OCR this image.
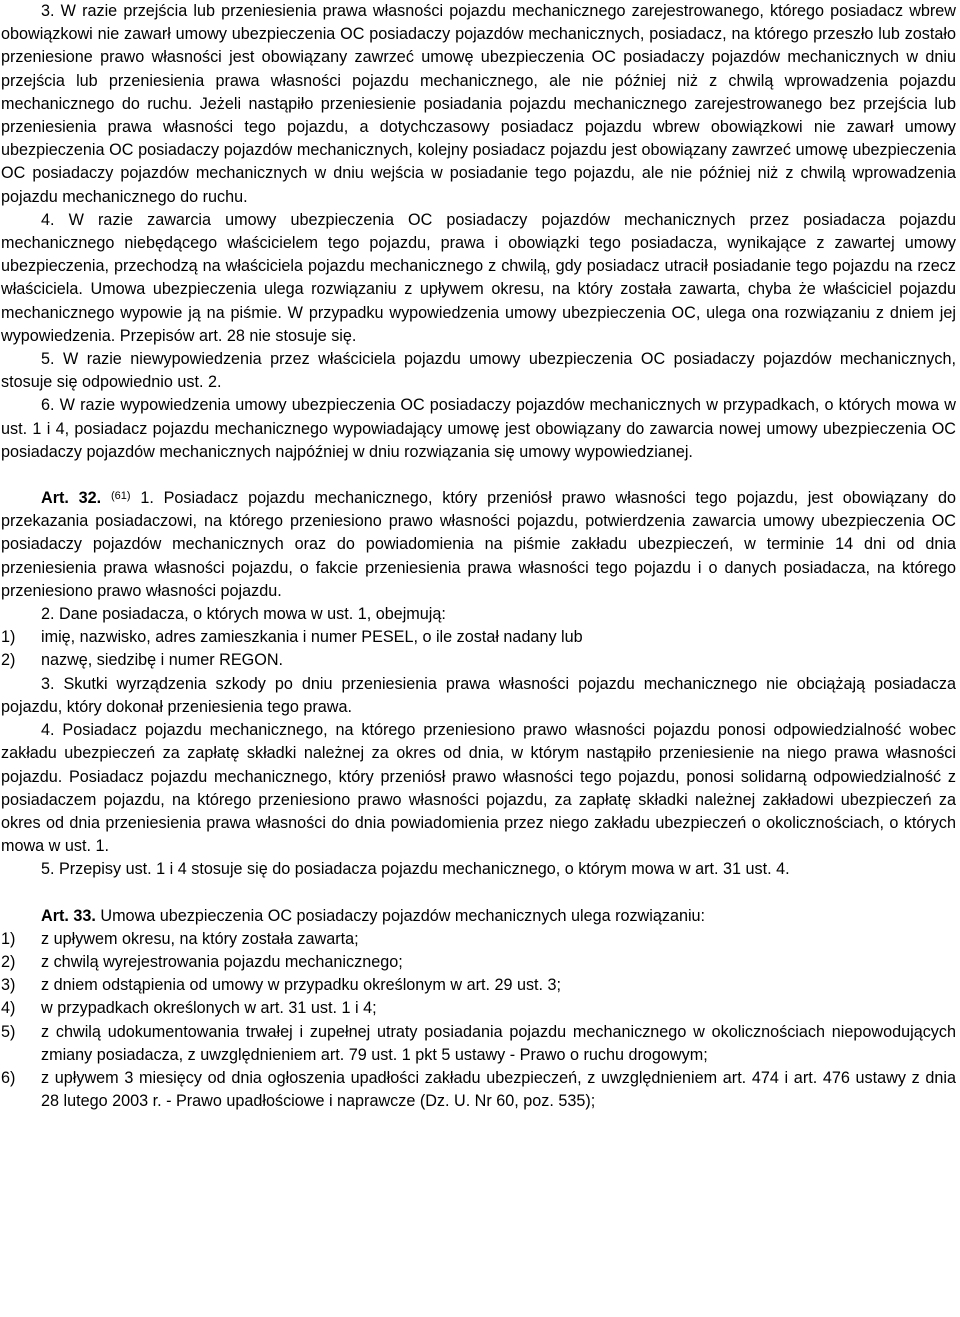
3. W razie przejścia lub przeniesienia prawa własności pojazdu mechanicznego zarejestrowanego, którego posiadacz wbrew obowiązkowi nie zawarł umowy ubezpieczenia OC posiadaczy pojazdów mechanicznych, posiadacz, na którego przeszło lub zostało przeniesione prawo własności jest obowiązany zawrzeć umowę ubezpieczenia OC posiadaczy pojazdów mechanicznych w dniu przejścia lub przeniesienia prawa własności pojazdu mechanicznego, ale nie później niż z chwilą wprowadzenia pojazdu mechanicznego do ruchu. Jeżeli nastąpiło przeniesienie posiadania pojazdu mechanicznego zarejestrowanego bez przejścia lub przeniesienia prawa własności tego pojazdu, a dotychczasowy posiadacz pojazdu wbrew obowiązkowi nie zawarł umowy ubezpieczenia OC posiadaczy pojazdów mechanicznych, kolejny posiadacz pojazdu jest obowiązany zawrzeć umowę ubezpieczenia OC posiadaczy pojazdów mechanicznych w dniu wejścia w posiadanie tego pojazdu, ale nie później niż z chwilą wprowadzenia pojazdu mechanicznego do ruchu.

4. W razie zawarcia umowy ubezpieczenia OC posiadaczy pojazdów mechanicznych przez posiadacza pojazdu mechanicznego niebędącego właścicielem tego pojazdu, prawa i obowiązki tego posiadacza, wynikające z zawartej umowy ubezpieczenia, przechodzą na właściciela pojazdu mechanicznego z chwilą, gdy posiadacz utracił posiadanie tego pojazdu na rzecz właściciela. Umowa ubezpieczenia ulega rozwiązaniu z upływem okresu, na który została zawarta, chyba że właściciel pojazdu mechanicznego wypowie ją na piśmie. W przypadku wypowiedzenia umowy ubezpieczenia OC, ulega ona rozwiązaniu z dniem jej wypowiedzenia. Przepisów art. 28 nie stosuje się.

5. W razie niewypowiedzenia przez właściciela pojazdu umowy ubezpieczenia OC posiadaczy pojazdów mechanicznych, stosuje się odpowiednio ust. 2.

6. W razie wypowiedzenia umowy ubezpieczenia OC posiadaczy pojazdów mechanicznych w przypadkach, o których mowa w ust. 1 i 4, posiadacz pojazdu mechanicznego wypowiadający umowę jest obowiązany do zawarcia nowej umowy ubezpieczenia OC posiadaczy pojazdów mechanicznych najpóźniej w dniu rozwiązania się umowy wypowiedzianej.

Art. 32. $^{(61)}$ 1. Posiadacz pojazdu mechanicznego, który przeniósł prawo własności tego pojazdu, jest obowiązany do przekazania posiadaczowi, na którego przeniesiono prawo własności pojazdu, potwierdzenia zawarcia umowy ubezpieczenia OC posiadaczy pojazdów mechanicznych oraz do powiadomienia na piśmie zakładu ubezpieczeń, w terminie 14 dni od dnia przeniesienia prawa własności pojazdu, o fakcie przeniesienia prawa własności tego pojazdu i o danych posiadacza, na którego przeniesiono prawo własności pojazdu.

2. Dane posiadacza, o których mowa w ust. 1, obejmują:

1)	imię, nazwisko, adres zamieszkania i numer PESEL, o ile został nadany lub
2)	nazwę, siedzibę i numer REGON.

3. Skutki wyrządzenia szkody po dniu przeniesienia prawa własności pojazdu mechanicznego nie obciążają posiadacza pojazdu, który dokonał przeniesienia tego prawa.

4. Posiadacz pojazdu mechanicznego, na którego przeniesiono prawo własności pojazdu ponosi odpowiedzialność wobec zakładu ubezpieczeń za zapłatę składki należnej za okres od dnia, w którym nastąpiło przeniesienie na niego prawa własności pojazdu. Posiadacz pojazdu mechanicznego, który przeniósł prawo własności tego pojazdu, ponosi solidarną odpowiedzialność z posiadaczem pojazdu, na którego przeniesiono prawo własności pojazdu, za zapłatę składki należnej zakładowi ubezpieczeń za okres od dnia przeniesienia prawa własności do dnia powiadomienia przez niego zakładu ubezpieczeń o okolicznościach, o których mowa w ust. 1.

5. Przepisy ust. 1 i 4 stosuje się do posiadacza pojazdu mechanicznego, o którym mowa w art. 31 ust. 4.

Art. 33. Umowa ubezpieczenia OC posiadaczy pojazdów mechanicznych ulega rozwiązaniu:

1)	z upływem okresu, na który została zawarta;
2)	z chwilą wyrejestrowania pojazdu mechanicznego;
3)	z dniem odstąpienia od umowy w przypadku określonym w art. 29 ust. 3;
4)	w przypadkach określonych w art. 31 ust. 1 i 4;
5)	z chwilą udokumentowania trwałej i zupełnej utraty posiadania pojazdu mechanicznego w okolicznościach niepowodujących zmiany posiadacza, z uwzględnieniem art. 79 ust. 1 pkt 5 ustawy - Prawo o ruchu drogowym;
6)	z upływem 3 miesięcy od dnia ogłoszenia upadłości zakładu ubezpieczeń, z uwzględnieniem art. 474 i art. 476 ustawy z dnia 28 lutego 2003 r. - Prawo upadłościowe i naprawcze (Dz. U. Nr 60, poz. 535);
